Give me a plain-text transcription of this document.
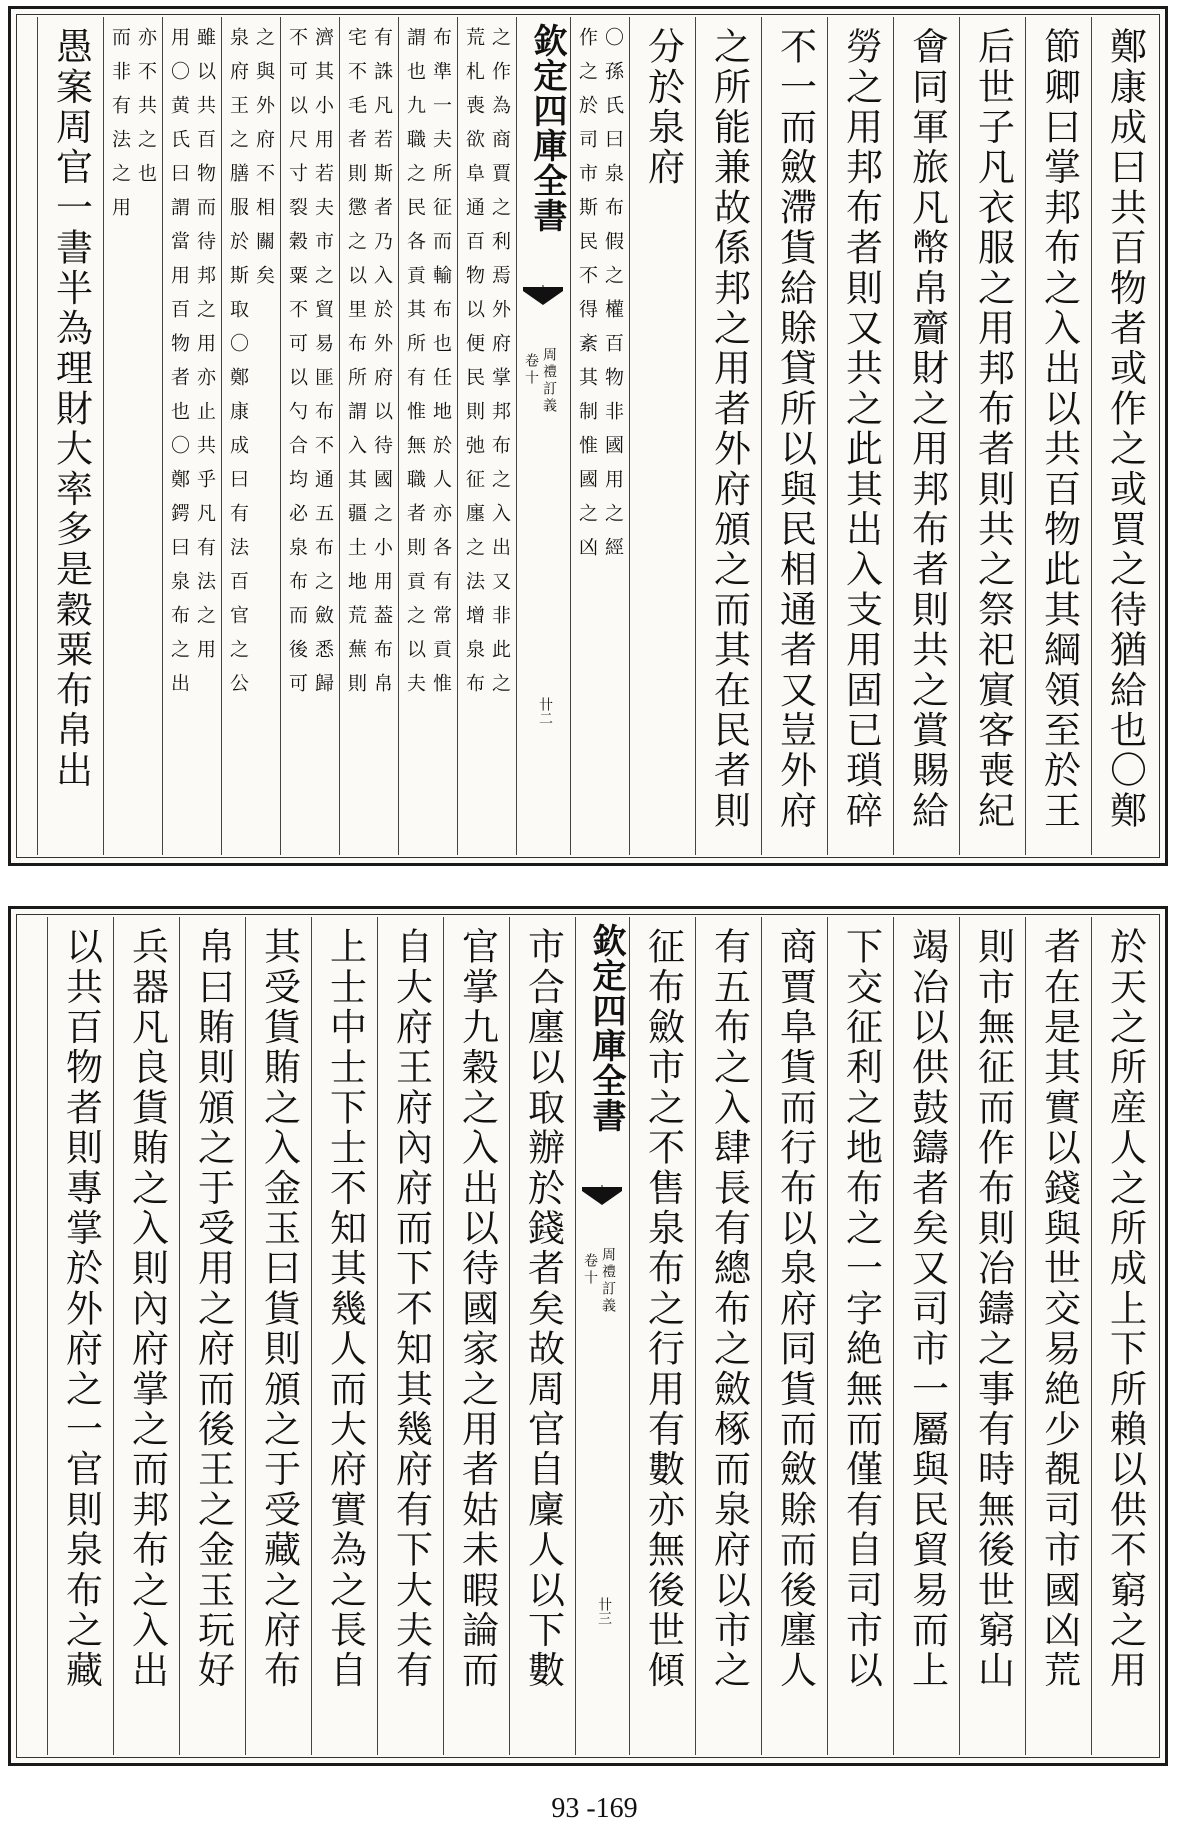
鄭康成曰共百物者或作之或買之待猶給也〇鄭
節卿曰掌邦布之入出以共百物此其綱領至於王
后世子凡衣服之用邦布者則共之祭祀賔客喪紀
會同軍旅凡幣帛齎財之用邦布者則共之賞賜給
勞之用邦布者則又共之此其出入支用固已瑣碎
不一而斂滯貨給賖貸所以與民相通者又豈外府
之所能兼故係邦之用者外府頒之而其在民者則
分於泉府
作之於司市斯民不得紊其制惟國之凶 〇孫氏曰泉布假之權百物非國用之經
欽定四庫全書
周禮訂義
卷十
卄二
荒札喪欲阜通百物以便民則弛征廛之法增泉布 之作為商賈之利焉外府掌邦布之入出又非此之
謂也九職之民各貢其所有惟無職者則貢之以夫 布準一夫所征而輸布也任地於人亦各有常貢惟
宅不毛者則懲之以里布所謂入其疆土地荒蕪則 有誅凡若斯者乃入於外府以待國之小用葢布帛
不可以尺寸裂穀粟不可以勺合均必泉布而後可 濟其小用若夫市之貿易匪布不通五布之斂悉歸
泉府王之膳服於斯取〇鄭康成曰有法百官之公 之與外府不相關矣
用〇黄氏曰謂當用百物者也〇鄭鍔曰泉布之出 雖以共百物而待邦之用亦止共乎凡有法之用
而非有法之用 亦不共之也
愚案周官一書半為理財大率多是穀粟布帛出
於天之所産人之所成上下所賴以供不窮之用
者在是其實以錢與世交易絶少覩司市國凶荒
則市無征而作布則冶鑄之事有時無後世窮山
竭冶以供鼓鑄者矣又司市一屬與民貿易而上
下交征利之地布之一字絶無而僅有自司市以
商賈阜貨而行布以泉府同貨而斂賖而後廛人
有五布之入肆長有總布之斂椓而泉府以市之
征布斂市之不售泉布之行用有數亦無後世傾
欽定四庫全書
周禮訂義
卷十
卄三
市合廛以取辦於錢者矣故周官自廩人以下數
官掌九穀之入出以待國家之用者姑未暇論而
自大府王府內府而下不知其幾府有下大夫有
上士中士下士不知其幾人而大府實為之長自
其受貨賄之入金玉曰貨則頒之于受藏之府布
帛曰賄則頒之于受用之府而後王之金玉玩好
兵器凡良貨賄之入則內府掌之而邦布之入出
以共百物者則專掌於外府之一官則泉布之藏
93 -169
